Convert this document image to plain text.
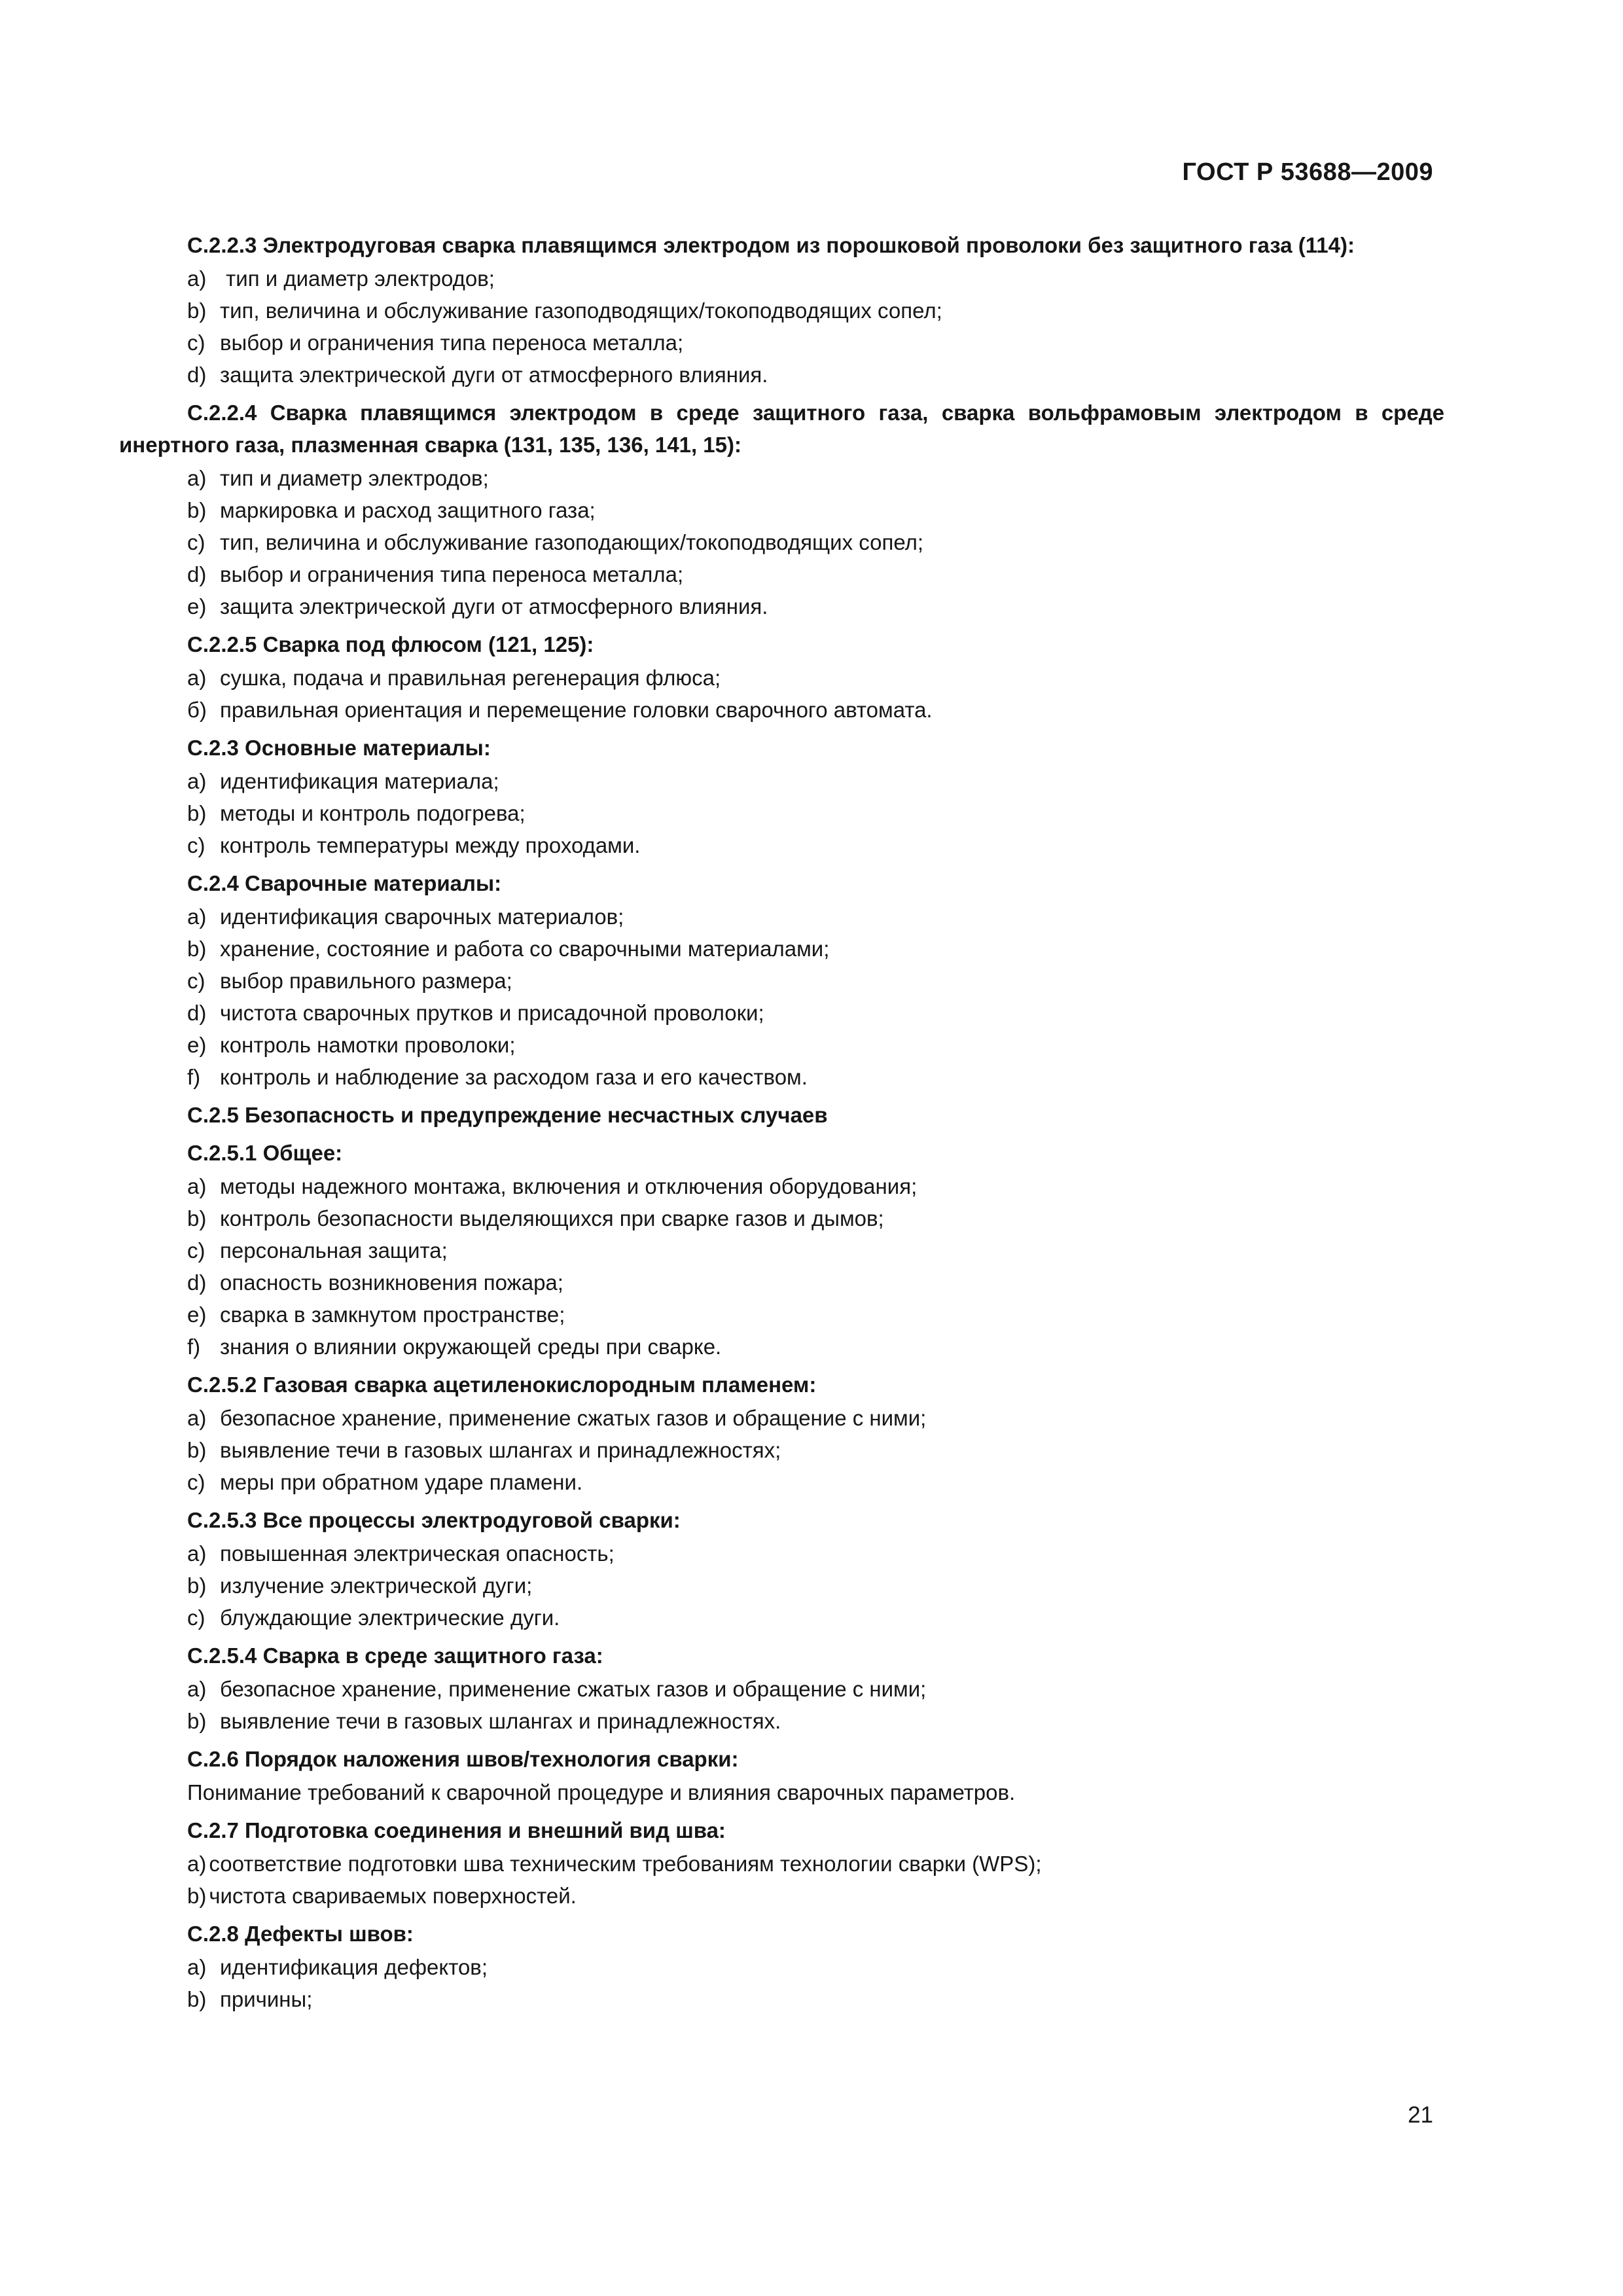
ГОСТ Р 53688—2009

C.2.2.3 Электродуговая сварка плавящимся электродом из порошковой проволоки без защитного газа (114):

a) тип и диаметр электродов;

b) тип, величина и обслуживание газоподводящих/токоподводящих сопел;

c) выбор и ограничения типа переноса металла;

d) защита электрической дуги от атмосферного влияния.

C.2.2.4 Сварка плавящимся электродом в среде защитного газа, сварка вольфрамовым электродом в среде инертного газа, плазменная сварка (131, 135, 136, 141, 15):

a) тип и диаметр электродов;

b) маркировка и расход защитного газа;

c) тип, величина и обслуживание газоподающих/токоподводящих сопел;

d) выбор и ограничения типа переноса металла;

e) защита электрической дуги от атмосферного влияния.

C.2.2.5 Сварка под флюсом (121, 125):

a) сушка, подача и правильная регенерация флюса;

б) правильная ориентация и перемещение головки сварочного автомата.

C.2.3 Основные материалы:

a) идентификация материала;

b) методы и контроль подогрева;

c) контроль температуры между проходами.

C.2.4 Сварочные материалы:

a) идентификация сварочных материалов;

b) хранение, состояние и работа со сварочными материалами;

c) выбор правильного размера;

d) чистота сварочных прутков и присадочной проволоки;

e) контроль намотки проволоки;

f) контроль и наблюдение за расходом газа и его качеством.

C.2.5 Безопасность и предупреждение несчастных случаев

C.2.5.1 Общее:

a) методы надежного монтажа, включения и отключения оборудования;

b) контроль безопасности выделяющихся при сварке газов и дымов;

c) персональная защита;

d) опасность возникновения пожара;

e) сварка в замкнутом пространстве;

f) знания о влиянии окружающей среды при сварке.

C.2.5.2 Газовая сварка ацетиленокислородным пламенем:

a) безопасное хранение, применение сжатых газов и обращение с ними;

b) выявление течи в газовых шлангах и принадлежностях;

c) меры при обратном ударе пламени.

C.2.5.3 Все процессы электродуговой сварки:

a) повышенная электрическая опасность;

b) излучение электрической дуги;

c) блуждающие электрические дуги.

C.2.5.4 Сварка в среде защитного газа:

a) безопасное хранение, применение сжатых газов и обращение с ними;

b) выявление течи в газовых шлангах и принадлежностях.

C.2.6 Порядок наложения швов/технология сварки:

Понимание требований к сварочной процедуре и влияния сварочных параметров.

C.2.7 Подготовка соединения и внешний вид шва:

a) соответствие подготовки шва техническим требованиям технологии сварки (WPS);

b) чистота свариваемых поверхностей.

C.2.8 Дефекты швов:

a) идентификация дефектов;

b) причины;

21
